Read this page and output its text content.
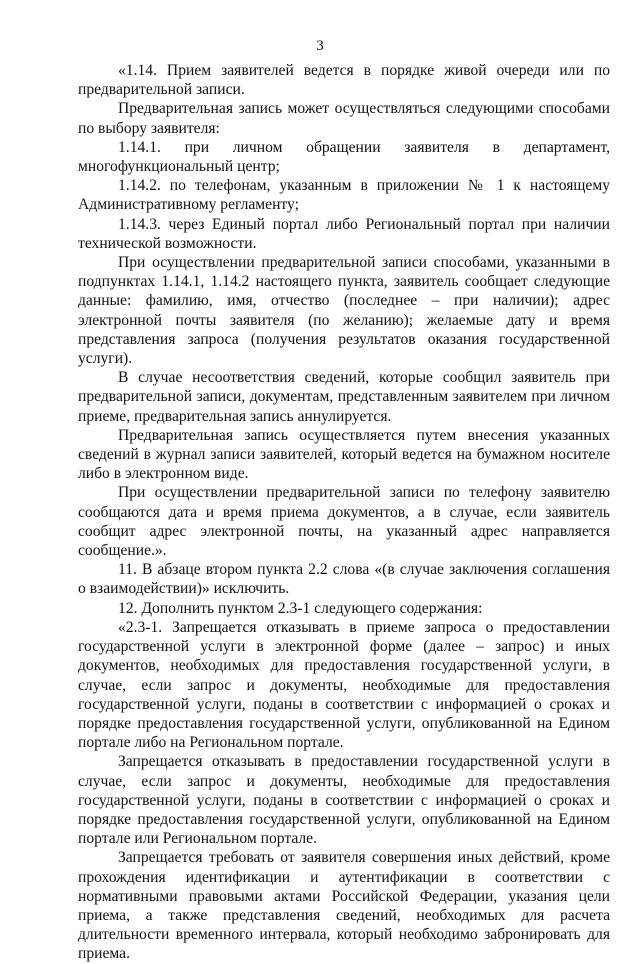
3

«1.14. Прием заявителей ведется в порядке живой очереди или по предварительной записи.

Предварительная запись может осуществляться следующими способами по выбору заявителя:

1.14.1. при личном обращении заявителя в департамент, многофункциональный центр;

1.14.2. по телефонам, указанным в приложении № 1 к настоящему Административному регламенту;

1.14.3. через Единый портал либо Региональный портал при наличии технической возможности.

При осуществлении предварительной записи способами, указанными в подпунктах 1.14.1, 1.14.2 настоящего пункта, заявитель сообщает следующие данные: фамилию, имя, отчество (последнее – при наличии); адрес электронной почты заявителя (по желанию); желаемые дату и время представления запроса (получения результатов оказания государственной услуги).

В случае несоответствия сведений, которые сообщил заявитель при предварительной записи, документам, представленным заявителем при личном приеме, предварительная запись аннулируется.

Предварительная запись осуществляется путем внесения указанных сведений в журнал записи заявителей, который ведется на бумажном носителе либо в электронном виде.

При осуществлении предварительной записи по телефону заявителю сообщаются дата и время приема документов, а в случае, если заявитель сообщит адрес электронной почты, на указанный адрес направляется сообщение.».

11. В абзаце втором пункта 2.2 слова «(в случае заключения соглашения о взаимодействии)» исключить.

12. Дополнить пунктом 2.3-1 следующего содержания:

«2.3-1. Запрещается отказывать в приеме запроса о предоставлении государственной услуги в электронной форме (далее – запрос) и иных документов, необходимых для предоставления государственной услуги, в случае, если запрос и документы, необходимые для предоставления государственной услуги, поданы в соответствии с информацией о сроках и порядке предоставления государственной услуги, опубликованной на Едином портале либо на Региональном портале.

Запрещается отказывать в предоставлении государственной услуги в случае, если запрос и документы, необходимые для предоставления государственной услуги, поданы в соответствии с информацией о сроках и порядке предоставления государственной услуги, опубликованной на Едином портале или Региональном портале.

Запрещается требовать от заявителя совершения иных действий, кроме прохождения идентификации и аутентификации в соответствии с нормативными правовыми актами Российской Федерации, указания цели приема, а также представления сведений, необходимых для расчета длительности временного интервала, который необходимо забронировать для приема.
